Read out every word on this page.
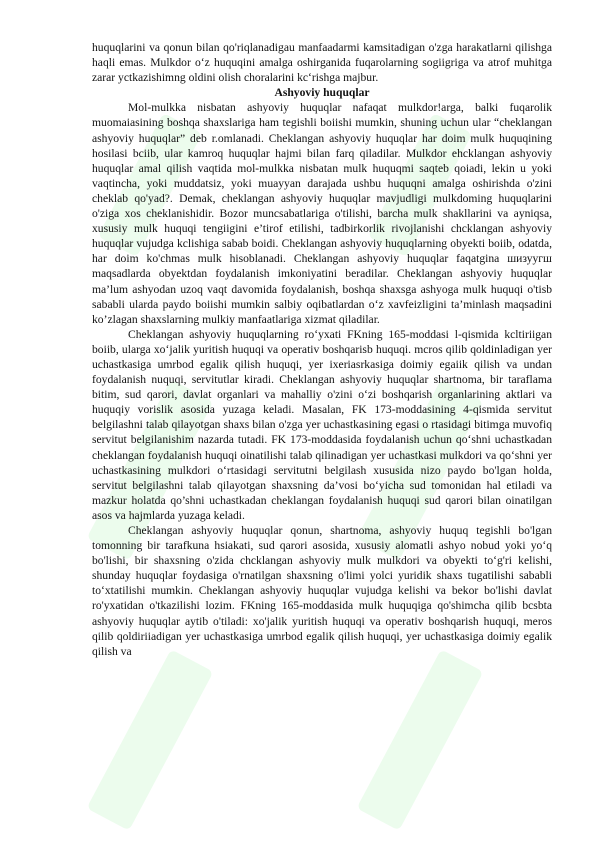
huquqlarini va qonun bilan qo'riqlanadigau manfaadarmi kamsitadigan o'zga harakatlarni qilishga haqli emas. Mulkdor o‘z huquqini amalga oshirganida fuqarolarning sogiigriga va atrof muhitga zarar yctkazishimng oldini olish choralarini kc‘rishga majbur.

Ashyoviy huquqlar

Mol-mulkka nisbatan ashyoviy huquqlar nafaqat mulkdor!arga, balki fuqarolik muomaiasining boshqa shaxslariga ham tegishli boiishi mumkin, shuning uchun ular “cheklangan ashyoviy huquqlar” deb r.omlanadi. Cheklangan ashyoviy huquqlar har doim mulk huquqining hosilasi bciib, ular kamroq huquqlar hajmi bilan farq qiladilar. Mulkdor ehcklangan ashyoviy huquqlar amal qilish vaqtida mol-mulkka nisbatan mulk huquqmi saqteb qoiadi, lekin u yoki vaqtincha, yoki muddatsiz, yoki muayyan darajada ushbu huquqni amalga oshirishda o'zini cheklab qo'yad?. Demak, cheklangan ashyoviy huquqlar mavjudligi mulkdoming huquqlarini o'ziga xos cheklanishidir. Bozor muncsabatlariga o'tilishi, barcha mulk shakllarini va ayniqsa, xususiy mulk huquqi tengiigini e’tirof etilishi, tadbirkorlik rivojlanishi chcklangan ashyoviy huquqlar vujudga kclishiga sabab boidi. Cheklangan ashyoviy huquqlarning obyekti boiib, odatda, har doim ko'chmas mulk hisoblanadi. Cheklangan ashyoviy huquqlar faqatgina шизуугш maqsadlarda obyektdan foydalanish imkoniyatini beradilar. Cheklangan ashyoviy huquqlar ma’lum ashyodan uzoq vaqt davomida foydalanish, boshqa shaxsga ashyoga mulk huquqi o'tisb sababli ularda paydo boiishi mumkin salbiy oqibatlardan o‘z xavfeizligini ta’minlash maqsadini ko’zlagan shaxslarning mulkiy manfaatlariga xizmat qiladilar.

Cheklangan ashyoviy huquqlarning ro‘yxati FKning 165-moddasi l-qismida kcltiriigan boiib, ularga xo‘jalik yuritish huquqi va operativ boshqarisb huquqi. mcros qilib qoldinladigan yer uchastkasiga umrbod egalik qilish huquqi, yer ixeriasrkasiga doimiy egaiik qilish va undan foydalanish nuquqi, servitutlar kiradi. Cheklangan ashyoviy huquqlar shartnoma, bir taraflama bitim, sud qarori, davlat organlari va mahalliy o'zini o‘zi boshqarish organlarining aktlari va huquqiy vorislik asosida yuzaga keladi. Masalan, FK 173-moddasining 4-qismida servitut belgilashni talab qilayotgan shaxs bilan o'zga yer uchastkasining egasi o rtasidagi bitimga muvofiq servitut belgilanishim nazarda tutadi. FK 173-moddasida foydalanish uchun qo‘shni uchastkadan cheklangan foydalanish huquqi oinatilishi talab qilinadigan yer uchastkasi mulkdori va qo‘shni yer uchastkasining mulkdori o‘rtasidagi servitutni belgilash xususida nizo paydo bo'lgan holda, servitut belgilashni talab qilayotgan shaxsning da’vosi bo‘yicha sud tomonidan hal etiladi va mazkur holatda qo’shni uchastkadan cheklangan foydalanish huquqi sud qarori bilan oinatilgan asos va hajmlarda yuzaga keladi.

Cheklangan ashyoviy huquqlar qonun, shartnoma, ashyoviy huquq tegishli bo'lgan tomonning bir tarafkuna hsiakati, sud qarori asosida, xususiy alomatli ashyo nobud yoki yo‘q bo'lishi, bir shaxsning o'zida chcklangan ashyoviy mulk mulkdori va obyekti to‘g'ri kelishi, shunday huquqlar foydasiga o'rnatilgan shaxsning o'limi yolci yuridik shaxs tugatilishi sababli to‘xtatilishi mumkin. Cheklangan ashyoviy huquqlar vujudga kelishi va bekor bo'lishi davlat ro'yxatidan o'tkazilishi lozim. FKning 165-moddasida mulk huquqiga qo'shimcha qilib bcsbta ashyoviy huquqlar aytib o'tiladi: xo'jalik yuritish huquqi va operativ boshqarish huquqi, meros qilib qoldiriiadigan yer uchastkasiga umrbod egalik qilish huquqi, yer uchastkasiga doimiy egalik qilish va
